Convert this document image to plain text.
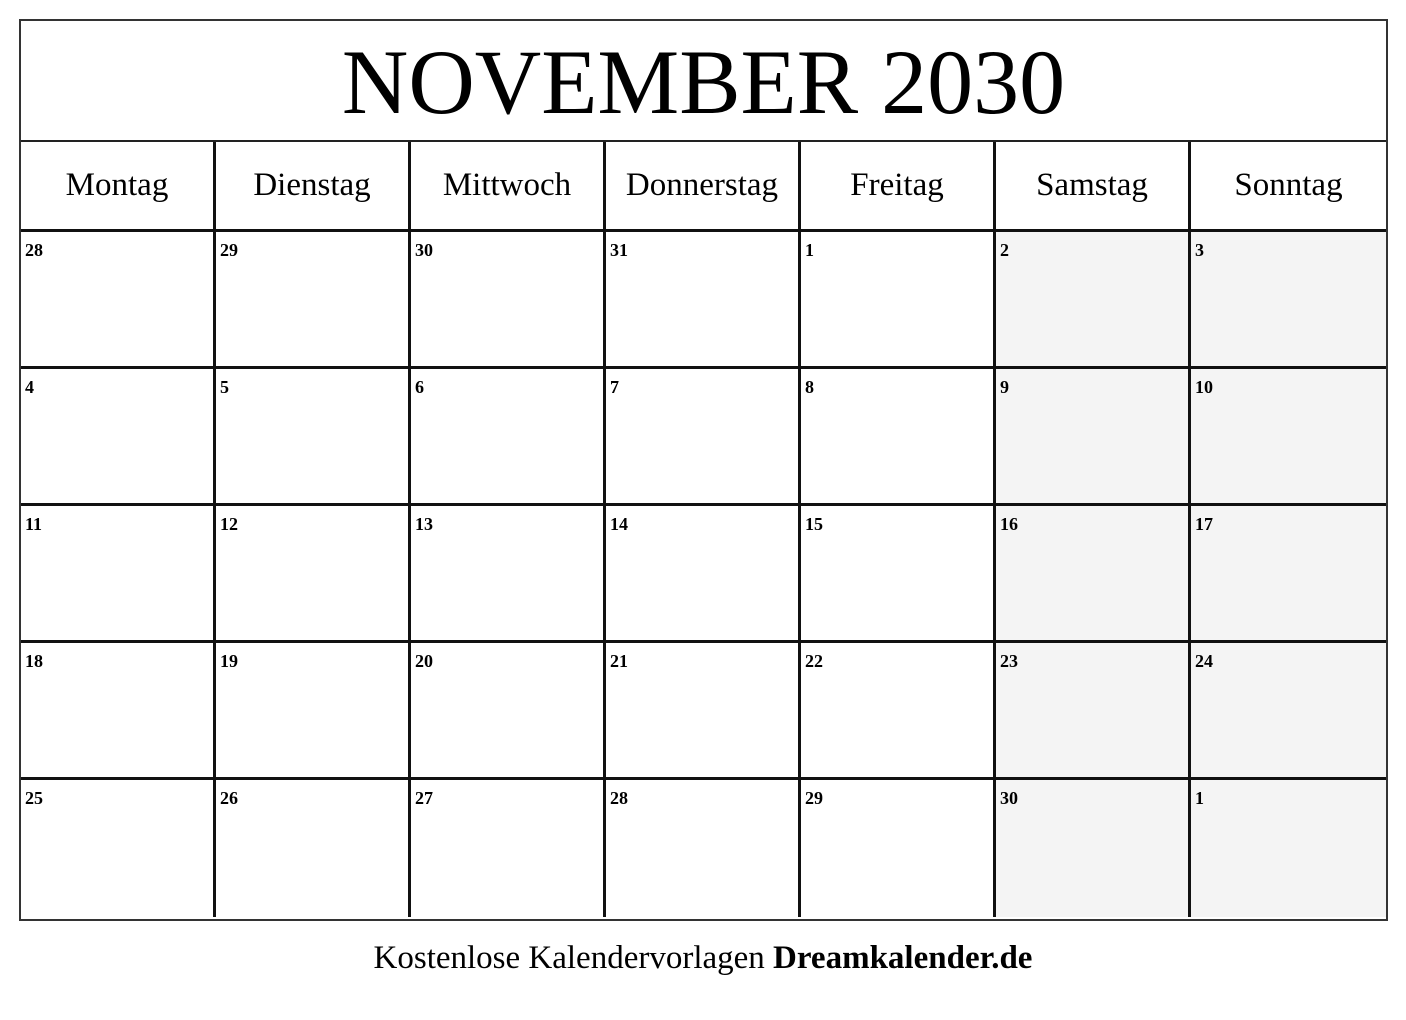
NOVEMBER 2030
Montag	Dienstag	Mittwoch	Donnerstag	Freitag	Samstag	Sonntag
28	29	30	31	1	2	3
4	5	6	7	8	9	10
11	12	13	14	15	16	17
18	19	20	21	22	23	24
25	26	27	28	29	30	1
Kostenlose Kalendervorlagen Dreamkalender.de
